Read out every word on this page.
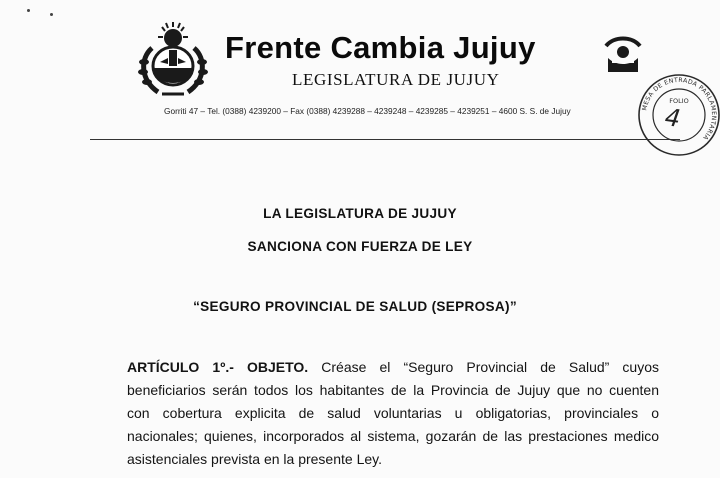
Frente Cambia Jujuy
LEGISLATURA DE JUJUY
Gorriti 47 – Tel. (0388) 4239200 – Fax (0388) 4239288 – 4239248 – 4239285 – 4239251 – 4600 S. S. de Jujuy	MESA DE ENTRADA PARLAMENTARIA
FOLIO
4
LA LEGISLATURA DE JUJUY
SANCIONA CON FUERZA DE LEY
“SEGURO PROVINCIAL DE SALUD (SEPROSA)”
ARTÍCULO 1º.- OBJETO. Créase el “Seguro Provincial de Salud” cuyos
beneficiarios serán todos los habitantes de la Provincia de Jujuy que no cuenten
con cobertura explicita de salud voluntarias u obligatorias, provinciales o
nacionales; quienes, incorporados al sistema, gozarán de las prestaciones medico
asistenciales prevista en la presente Ley.
